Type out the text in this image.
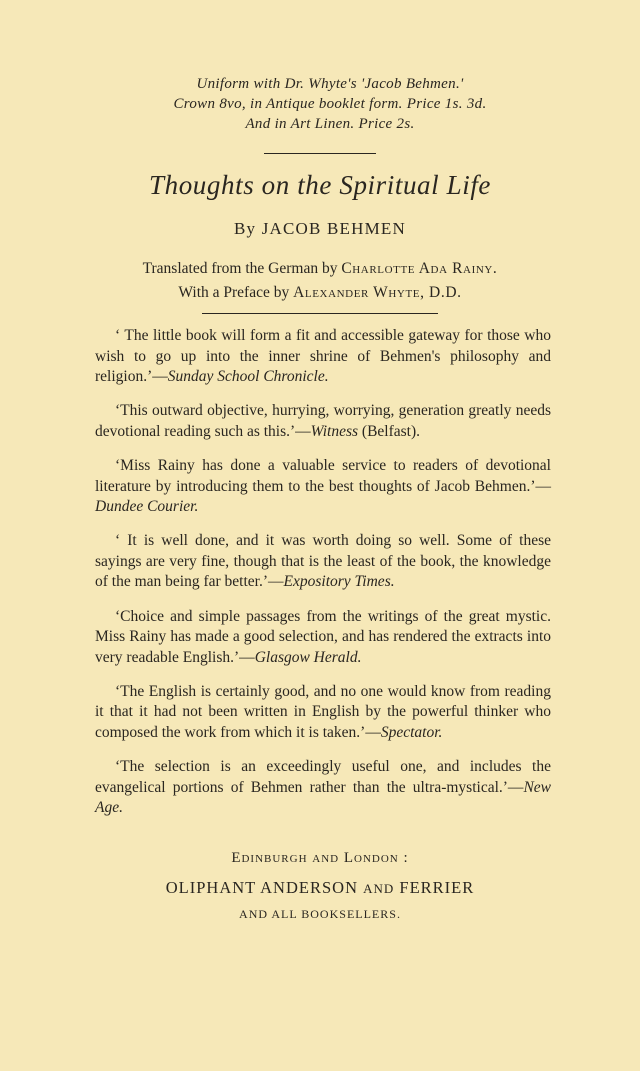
Uniform with Dr. Whyte's 'Jacob Behmen.'
Crown 8vo, in Antique booklet form. Price 1s. 3d.
And in Art Linen. Price 2s.
Thoughts on the Spiritual Life
By JACOB BEHMEN
Translated from the German by Charlotte Ada Rainy.
With a Preface by Alexander Whyte, D.D.

‘ The little book will form a fit and accessible gateway for those who wish to go up into the inner shrine of Behmen's philosophy and religion.’—Sunday School Chronicle.

‘This outward objective, hurrying, worrying, generation greatly needs devotional reading such as this.’—Witness (Belfast).

‘Miss Rainy has done a valuable service to readers of devotional literature by introducing them to the best thoughts of Jacob Behmen.’—Dundee Courier.

‘ It is well done, and it was worth doing so well. Some of these sayings are very fine, though that is the least of the book, the knowledge of the man being far better.’—Expository Times.

‘Choice and simple passages from the writings of the great mystic. Miss Rainy has made a good selection, and has rendered the extracts into very readable English.’—Glasgow Herald.

‘The English is certainly good, and no one would know from reading it that it had not been written in English by the powerful thinker who composed the work from which it is taken.’—Spectator.

‘The selection is an exceedingly useful one, and includes the evangelical portions of Behmen rather than the ultra-mystical.’—New Age.

Edinburgh and London :
OLIPHANT ANDERSON AND FERRIER
AND ALL BOOKSELLERS.
